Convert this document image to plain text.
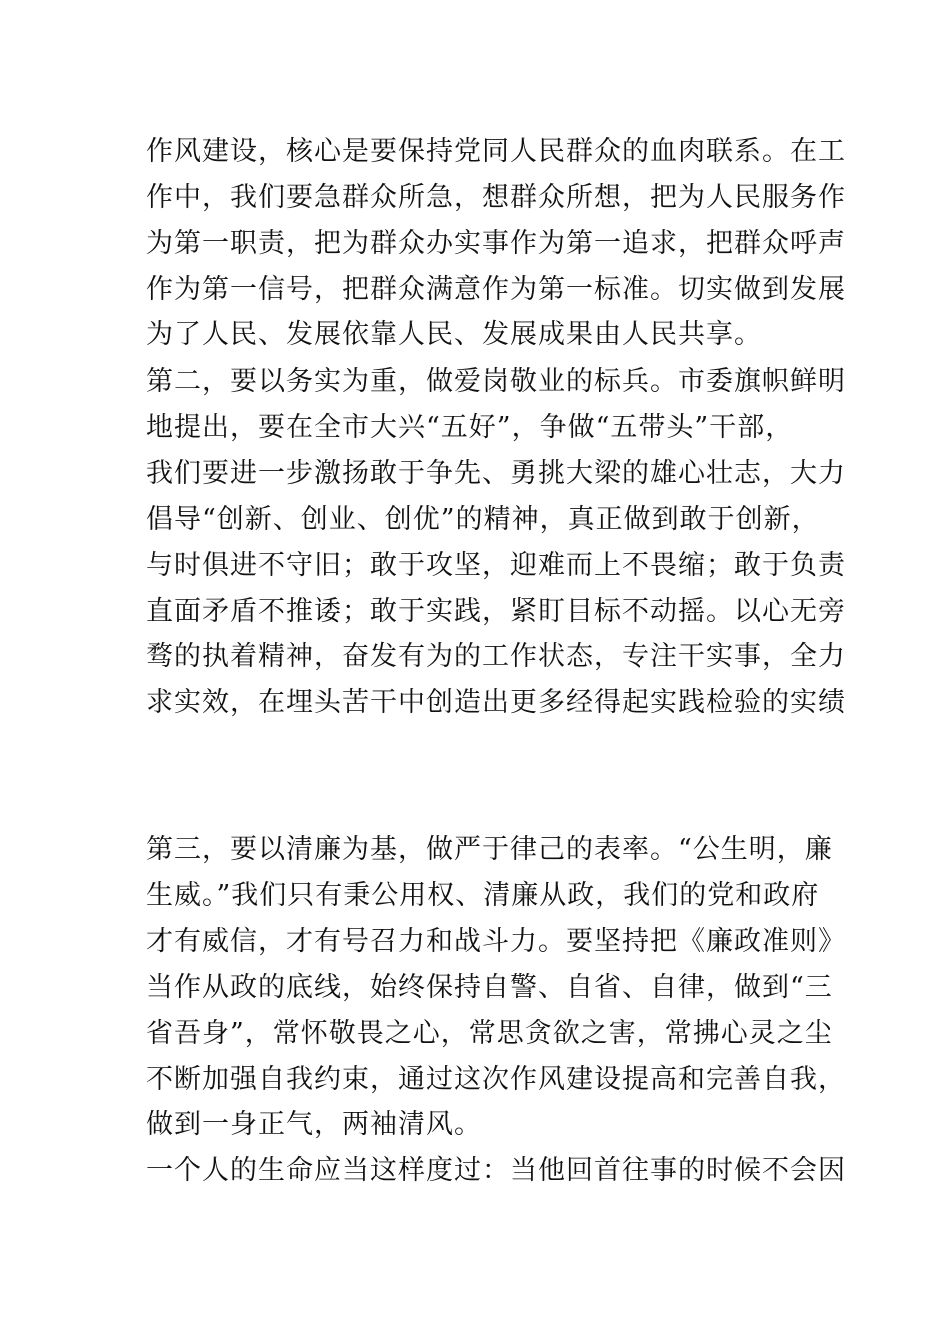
作风建设，核心是要保持党同人民群众的血肉联系。在工
作中，我们要急群众所急，想群众所想，把为人民服务作
为第一职责，把为群众办实事作为第一追求，把群众呼声
作为第一信号，把群众满意作为第一标准。切实做到发展
为了人民、发展依靠人民、发展成果由人民共享。
第二，要以务实为重，做爱岗敬业的标兵。市委旗帜鲜明
地提出，要在全市大兴“五好”，争做“五带头”干部，
我们要进一步激扬敢于争先、勇挑大梁的雄心壮志，大力
倡导“创新、创业、创优”的精神，真正做到敢于创新，
与时俱进不守旧；敢于攻坚，迎难而上不畏缩；敢于负责
直面矛盾不推诿；敢于实践，紧盯目标不动摇。以心无旁
骛的执着精神，奋发有为的工作状态，专注干实事，全力
求实效，在埋头苦干中创造出更多经得起实践检验的实绩
第三，要以清廉为基，做严于律己的表率。“公生明，廉
生威。”我们只有秉公用权、清廉从政，我们的党和政府
才有威信，才有号召力和战斗力。要坚持把《廉政准则》
当作从政的底线，始终保持自警、自省、自律，做到“三
省吾身”，常怀敬畏之心，常思贪欲之害，常拂心灵之尘
不断加强自我约束，通过这次作风建设提高和完善自我，
做到一身正气，两袖清风。
一个人的生命应当这样度过：当他回首往事的时候不会因
